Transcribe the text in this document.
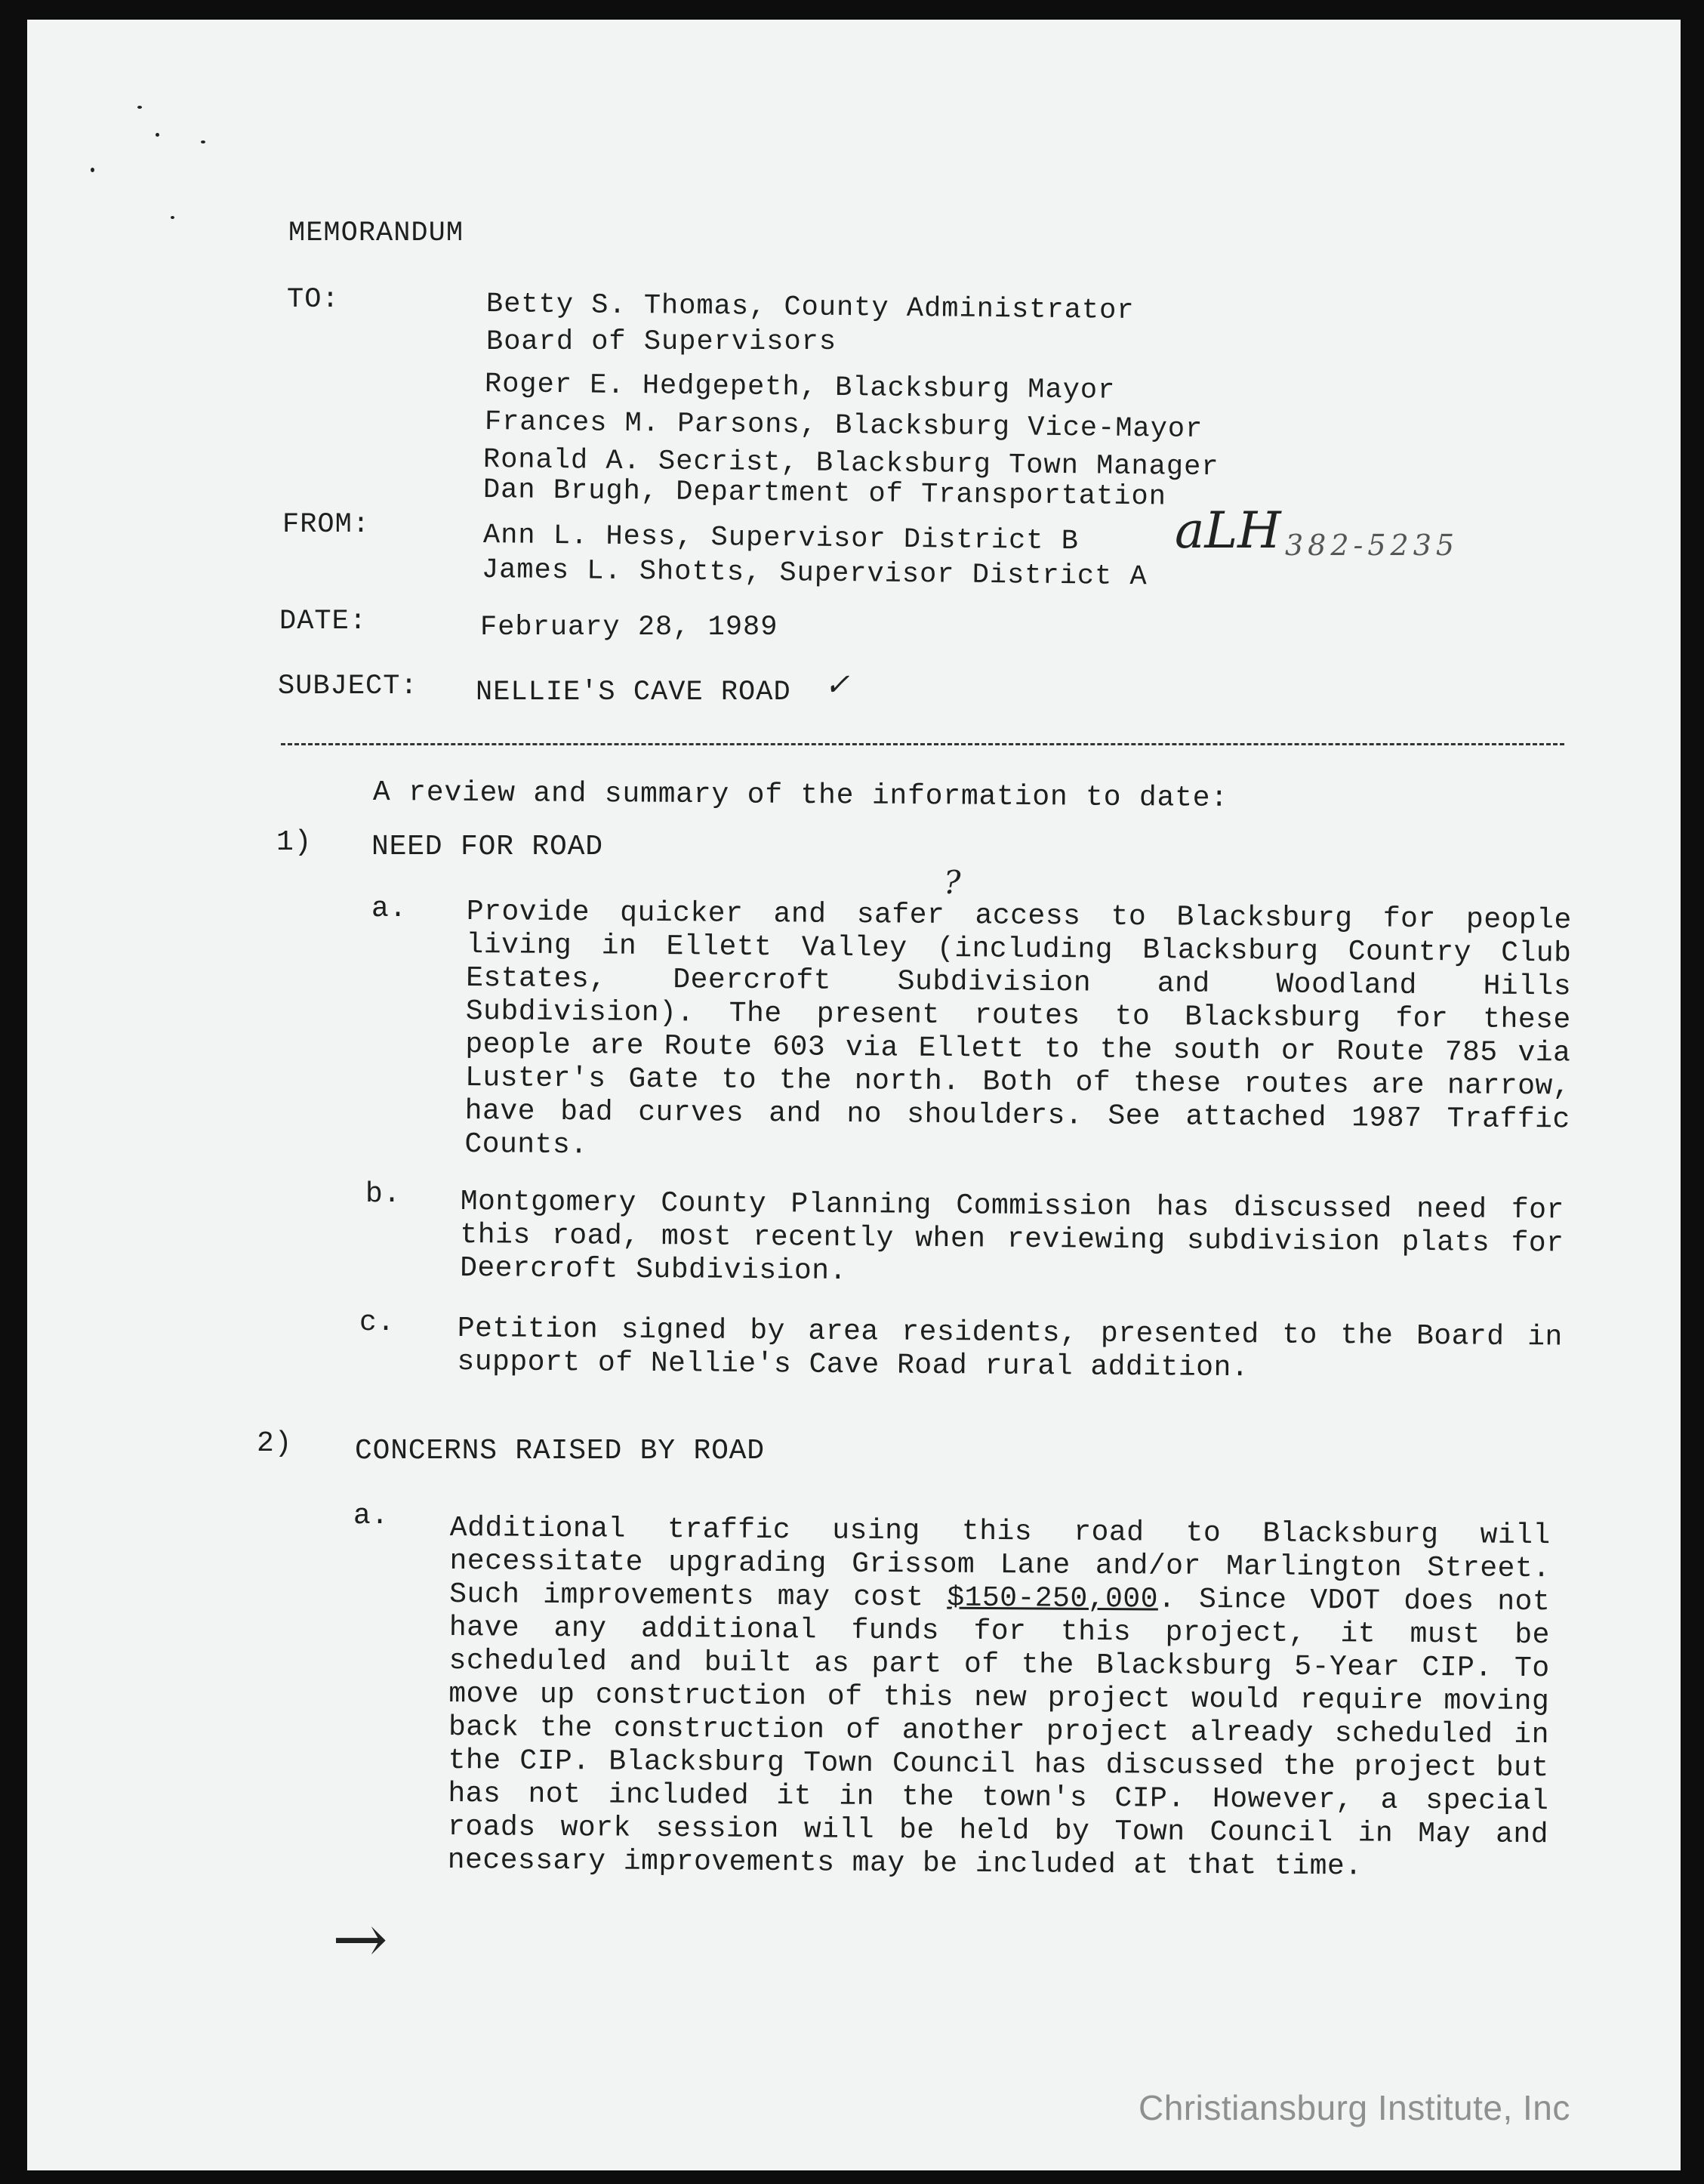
MEMORANDUM
TO:	Betty S. Thomas, County Administrator
Board of Supervisors
Roger E. Hedgepeth, Blacksburg Mayor
Frances M. Parsons, Blacksburg Vice-Mayor
Ronald A. Secrist, Blacksburg Town Manager
Dan Brugh, Department of Transportation
FROM:	Ann L. Hess, Supervisor District B
James L. Shotts, Supervisor District A
aLH 382-5235
DATE:	February 28, 1989
SUBJECT: NELLIE'S CAVE ROAD ✓
A review and summary of the information to date:
1) NEED FOR ROAD
?
a. Provide quicker and safer access to Blacksburg for people living in Ellett Valley (including Blacksburg Country Club Estates, Deercroft Subdivision and Woodland Hills Subdivision). The present routes to Blacksburg for these people are Route 603 via Ellett to the south or Route 785 via Luster's Gate to the north. Both of these routes are narrow, have bad curves and no shoulders. See attached 1987 Traffic Counts.
b. Montgomery County Planning Commission has discussed need for this road, most recently when reviewing subdivision plats for Deercroft Subdivision.
c. Petition signed by area residents, presented to the Board in support of Nellie's Cave Road rural addition.
2) CONCERNS RAISED BY ROAD
a. Additional traffic using this road to Blacksburg will necessitate upgrading Grissom Lane and/or Marlington Street. Such improvements may cost $150-250,000. Since VDOT does not have any additional funds for this project, it must be scheduled and built as part of the Blacksburg 5-Year CIP. To move up construction of this new project would require moving back the construction of another project already scheduled in the CIP. Blacksburg Town Council has discussed the project but has not included it in the town's CIP. However, a special roads work session will be held by Town Council in May and necessary improvements may be included at that time.
→
Christiansburg Institute, Inc
